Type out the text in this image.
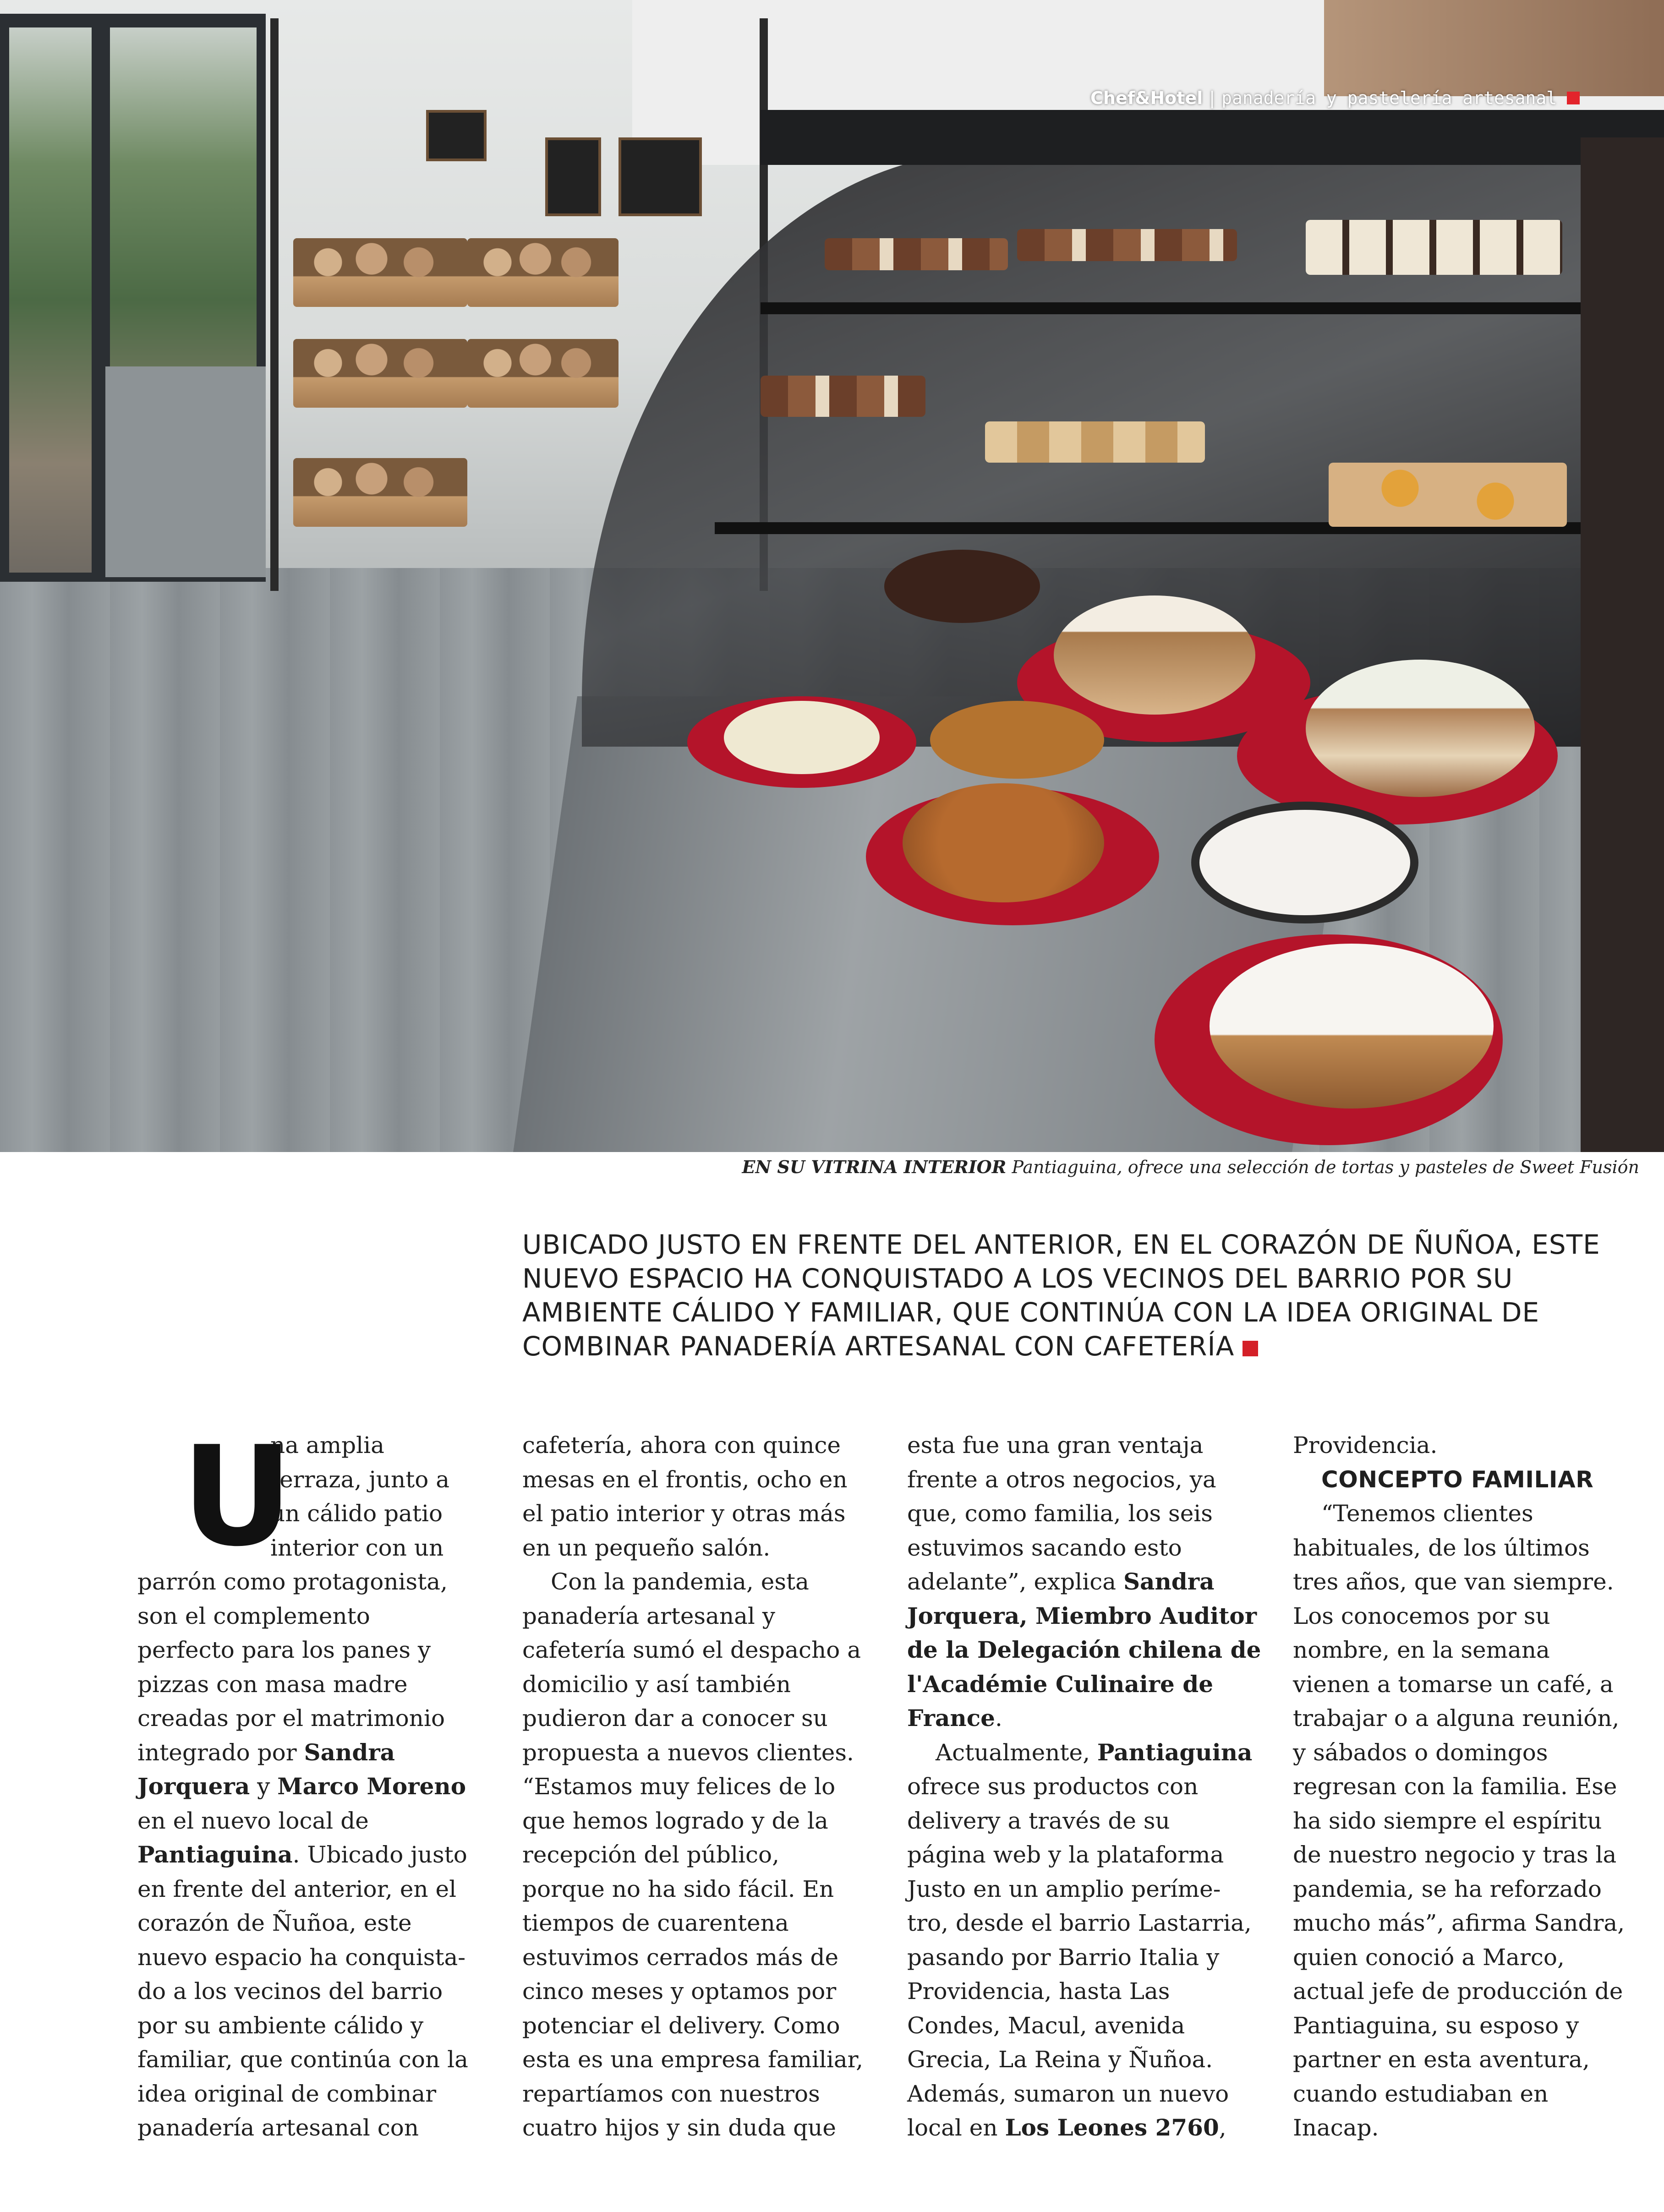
Chef&Hotel | panadería y pastelería artesanal
EN SU VITRINA INTERIOR Pantiaguina, ofrece una selección de tortas y pasteles de Sweet Fusión

UBICADO JUSTO EN FRENTE DEL ANTERIOR, EN EL CORAZÓN DE ÑUÑOA, ESTE
NUEVO ESPACIO HA CONQUISTADO A LOS VECINOS DEL BARRIO POR SU
AMBIENTE CÁLIDO Y FAMILIAR, QUE CONTINÚA CON LA IDEA ORIGINAL DE
COMBINAR PANADERÍA ARTESANAL CON CAFETERÍA

U
na amplia
terraza, junto a
un cálido patio
interior con un
parrón como protagonista,
son el complemento
perfecto para los panes y
pizzas con masa madre
creadas por el matrimonio
integrado por Sandra
Jorquera y Marco Moreno
en el nuevo local de
Pantiaguina. Ubicado justo
en frente del anterior, en el
corazón de Ñuñoa, este
nuevo espacio ha conquista-
do a los vecinos del barrio
por su ambiente cálido y
familiar, que continúa con la
idea original de combinar
panadería artesanal con
cafetería, ahora con quince
mesas en el frontis, ocho en
el patio interior y otras más
en un pequeño salón.
Con la pandemia, esta
panadería artesanal y
cafetería sumó el despacho a
domicilio y así también
pudieron dar a conocer su
propuesta a nuevos clientes.
“Estamos muy felices de lo
que hemos logrado y de la
recepción del público,
porque no ha sido fácil. En
tiempos de cuarentena
estuvimos cerrados más de
cinco meses y optamos por
potenciar el delivery. Como
esta es una empresa familiar,
repartíamos con nuestros
cuatro hijos y sin duda que
esta fue una gran ventaja
frente a otros negocios, ya
que, como familia, los seis
estuvimos sacando esto
adelante”, explica Sandra
Jorquera, Miembro Auditor
de la Delegación chilena de
l'Académie Culinaire de
France.
Actualmente, Pantiaguina
ofrece sus productos con
delivery a través de su
página web y la plataforma
Justo en un amplio períme-
tro, desde el barrio Lastarria,
pasando por Barrio Italia y
Providencia, hasta Las
Condes, Macul, avenida
Grecia, La Reina y Ñuñoa.
Además, sumaron un nuevo
local en Los Leones 2760,
Providencia.
CONCEPTO FAMILIAR
“Tenemos clientes
habituales, de los últimos
tres años, que van siempre.
Los conocemos por su
nombre, en la semana
vienen a tomarse un café, a
trabajar o a alguna reunión,
y sábados o domingos
regresan con la familia. Ese
ha sido siempre el espíritu
de nuestro negocio y tras la
pandemia, se ha reforzado
mucho más”, afirma Sandra,
quien conoció a Marco,
actual jefe de producción de
Pantiaguina, su esposo y
partner en esta aventura,
cuando estudiaban en
Inacap.
